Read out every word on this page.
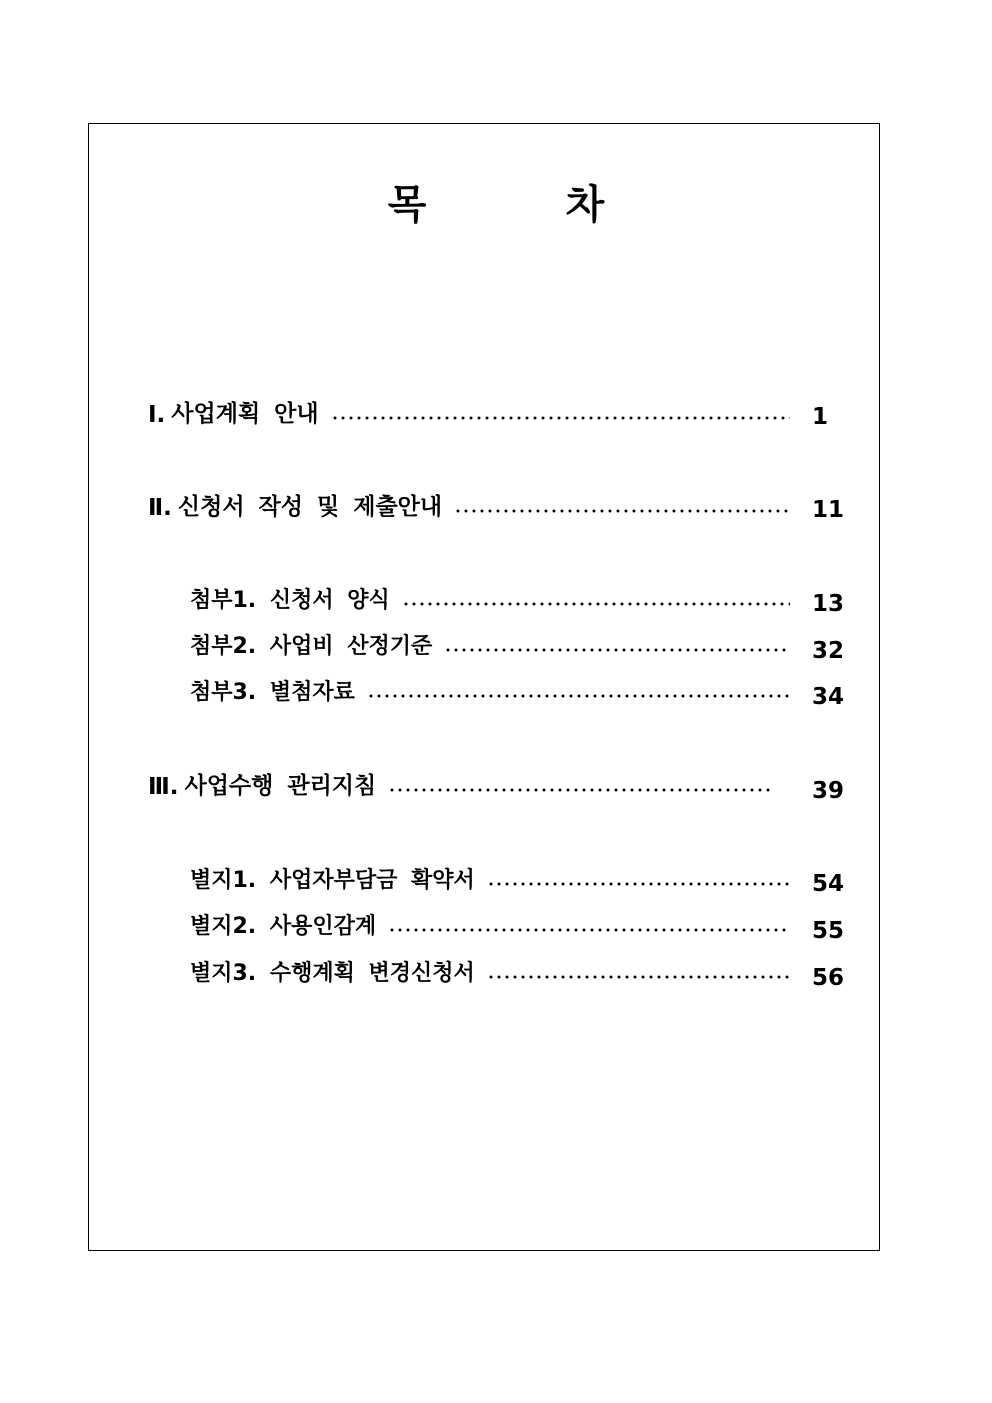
목          차
Ⅰ. 사업계획 안내	1
Ⅱ. 신청서 작성 및 제출안내	11
첨부1. 신청서 양식	13
첨부2. 사업비 산정기준	32
첨부3. 별첨자료	34
Ⅲ. 사업수행 관리지침	39
별지1. 사업자부담금 확약서	54
별지2. 사용인감계	55
별지3. 수행계획 변경신청서	56
